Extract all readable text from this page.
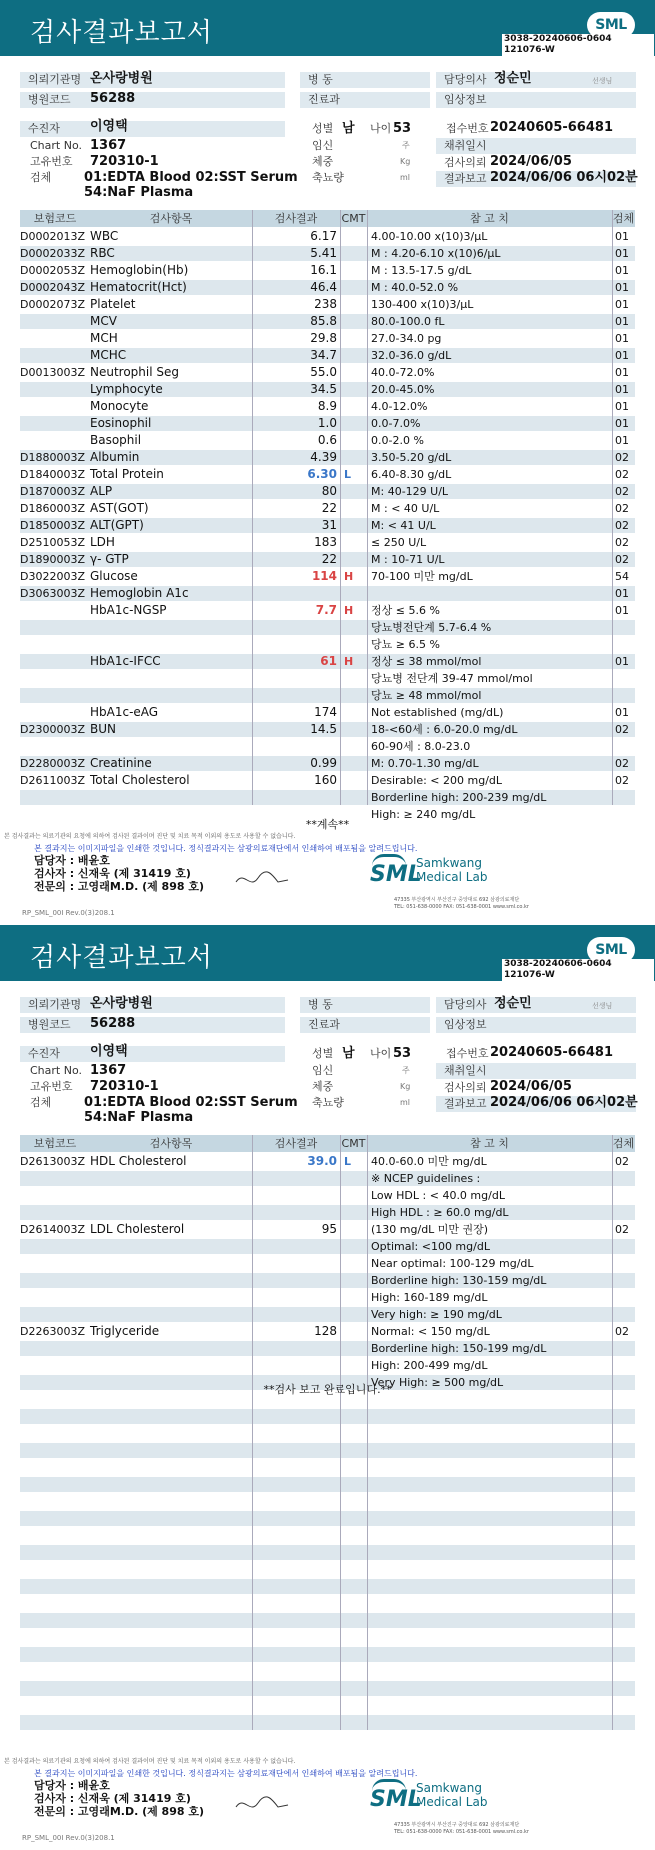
검사결과보고서	SML
3038-20240606-0604
121076-W
의뢰기관명 온사랑병원
병원코드	56288
병 동
진료과
담당의사 정순민	선생님
임상정보
수진자	이영택
Chart No. 1367
고유번호 720310-1
검체	01:EDTA Blood 02:SST Serum
54:NaF Plasma
성별 남 나이 53
임신	주
체중	Kg
축뇨량	ml
접수번호 20240605-66481
채취일시
검사의뢰 2024/06/05
결과보고 2024/06/06 06시02분
보험코드	검사항목	검사결과	CMT	참 고 치	검체
D0002013Z WBC	6.17	4.00-10.00 x(10)3/μL	01
D0002033Z RBC	5.41	M : 4.20-6.10 x(10)6/μL	01
D0002053Z Hemoglobin(Hb)	16.1	M : 13.5-17.5 g/dL	01
D0002043Z Hematocrit(Hct)	46.4	M : 40.0-52.0 %	01
D0002073Z Platelet	238	130-400 x(10)3/μL	01
MCV	85.8	80.0-100.0 fL	01
MCH	29.8	27.0-34.0 pg	01
MCHC	34.7	32.0-36.0 g/dL	01
D0013003Z Neutrophil Seg	55.0	40.0-72.0%	01
Lymphocyte	34.5	20.0-45.0%	01
Monocyte	8.9	4.0-12.0%	01
Eosinophil	1.0	0.0-7.0%	01
Basophil	0.6	0.0-2.0 %	01
D1880003Z Albumin	4.39	3.50-5.20 g/dL	02
D1840003Z Total Protein	6.30 L	6.40-8.30 g/dL	02
D1870003Z ALP	80	M: 40-129 U/L	02
D1860003Z AST(GOT)	22	M : < 40 U/L	02
D1850003Z ALT(GPT)	31	M: < 41 U/L	02
D2510053Z LDH	183	≤ 250 U/L	02
D1890003Z γ- GTP	22	M : 10-71 U/L	02
D3022003Z Glucose	114 H	70-100 미만 mg/dL	54
D3063003Z Hemoglobin A1c	01
HbA1c-NGSP	7.7 H	정상 ≤ 5.6 %	01
당뇨병전단계 5.7-6.4 %
당뇨 ≥ 6.5 %
HbA1c-IFCC	61 H	정상 ≤ 38 mmol/mol	01
당뇨병 전단계 39-47 mmol/mol
당뇨 ≥ 48 mmol/mol
HbA1c-eAG	174	Not established (mg/dL)	01
D2300003Z BUN	14.5	18-<60세 : 6.0-20.0 mg/dL	02
60-90세 : 8.0-23.0
D2280003Z Creatinine	0.99	M: 0.70-1.30 mg/dL	02
D2611003Z Total Cholesterol	160	Desirable: < 200 mg/dL	02
Borderline high: 200-239 mg/dL
High: ≥ 240 mg/dL
**계속**
본 검사결과는 의료기관의 요청에 의하여 검사된 결과이며 진단 및 치료 목적 이외의 용도로 사용할 수 없습니다.
본 결과지는 이미지파일을 인쇄한 것입니다. 정식결과지는 삼광의료재단에서 인쇄하여 배포됨을 알려드립니다.
담당자 : 배윤호
검사자 : 신재욱 (제 31419 호)
전문의 : 고영래M.D. (제 898 호)	SML
Samkwang
Medical Lab
47335 부산광역시 부산진구 중앙대로 692 삼광의료재단
TEL: 051-638-0000 FAX: 051-638-0001 www.sml.co.kr
RP_SML_00I Rev.0(3)208.1
검사결과보고서	SML
3038-20240606-0604
121076-W
의뢰기관명 온사랑병원
병원코드	56288
병 동
진료과
담당의사 정순민	선생님
임상정보
수진자	이영택
Chart No. 1367
고유번호 720310-1
검체	01:EDTA Blood 02:SST Serum
54:NaF Plasma
성별 남 나이 53
임신	주
체중	Kg
축뇨량	ml
접수번호 20240605-66481
채취일시
검사의뢰 2024/06/05
결과보고 2024/06/06 06시02분
보험코드	검사항목	검사결과	CMT	참 고 치	검체
D2613003Z HDL Cholesterol	39.0 L	40.0-60.0 미만 mg/dL	02
※ NCEP guidelines :
Low HDL : < 40.0 mg/dL
High HDL : ≥ 60.0 mg/dL
D2614003Z LDL Cholesterol	95	(130 mg/dL 미만 권장)	02
Optimal: <100 mg/dL
Near optimal: 100-129 mg/dL
Borderline high: 130-159 mg/dL
High: 160-189 mg/dL
Very high: ≥ 190 mg/dL
D2263003Z Triglyceride	128	Normal: < 150 mg/dL	02
Borderline high: 150-199 mg/dL
High: 200-499 mg/dL
Very High: ≥ 500 mg/dL
**검사 보고 완료입니다.**
본 검사결과는 의료기관의 요청에 의하여 검사된 결과이며 진단 및 치료 목적 이외의 용도로 사용할 수 없습니다.
본 결과지는 이미지파일을 인쇄한 것입니다. 정식결과지는 삼광의료재단에서 인쇄하여 배포됨을 알려드립니다.
담당자 : 배윤호
검사자 : 신재욱 (제 31419 호)
전문의 : 고영래M.D. (제 898 호)	SML
Samkwang
Medical Lab
47335 부산광역시 부산진구 중앙대로 692 삼광의료재단
TEL: 051-638-0000 FAX: 051-638-0001 www.sml.co.kr
RP_SML_00I Rev.0(3)208.1
